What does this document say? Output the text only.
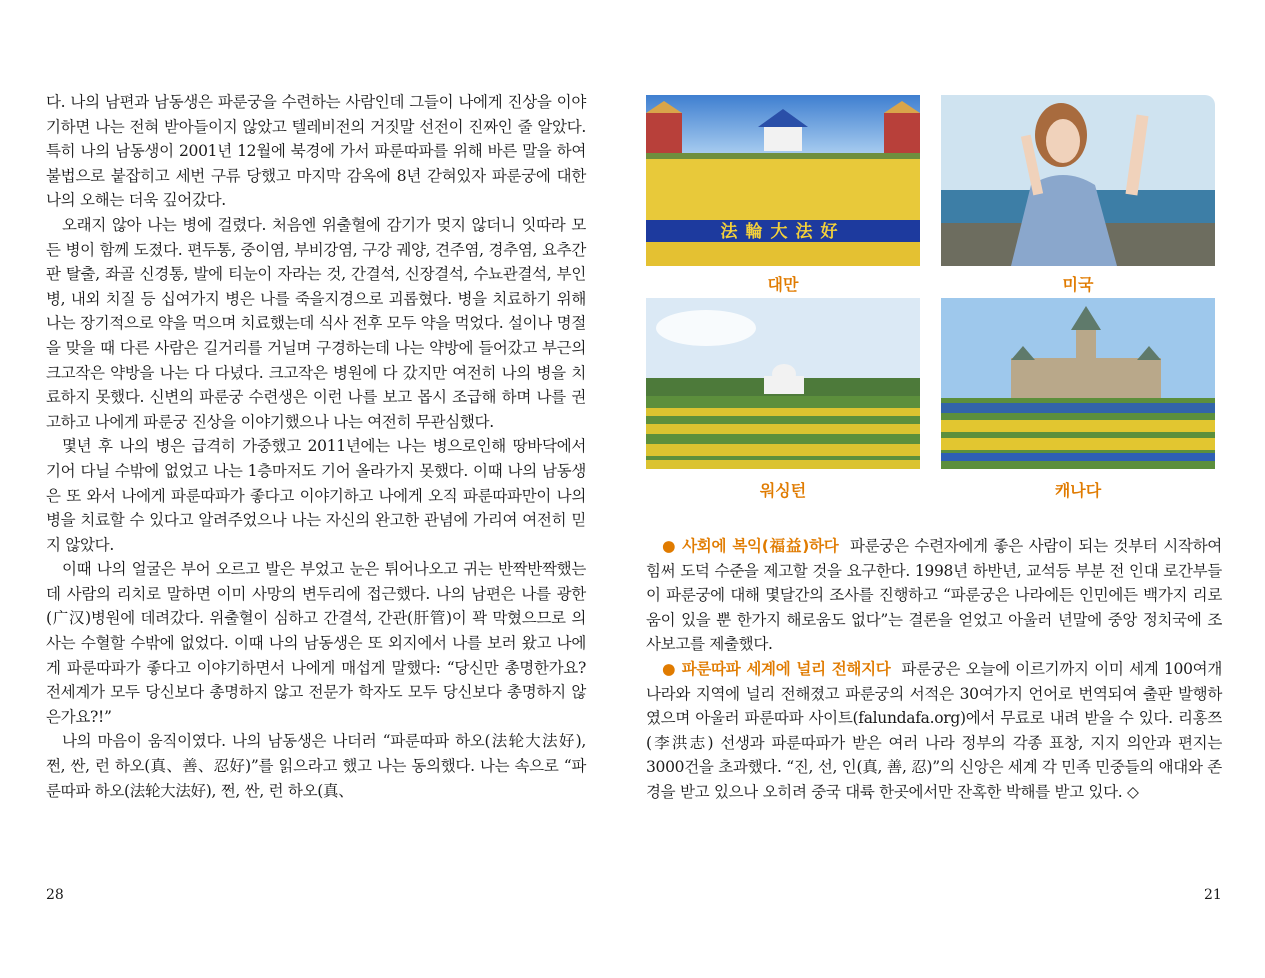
다. 나의 남편과 남동생은 파룬궁을 수련하는 사람인데 그들이 나에게 진상을 이야기하면 나는 전혀 받아들이지 않았고 텔레비전의 거짓말 선전이 진짜인 줄 알았다. 특히 나의 남동생이 2001년 12월에 북경에 가서 파룬따파를 위해 바른 말을 하여 불법으로 붙잡히고 세번 구류 당했고 마지막 감옥에 8년 갇혀있자 파룬궁에 대한 나의 오해는 더욱 깊어갔다.

오래지 않아 나는 병에 걸렸다. 처음엔 위출혈에 감기가 멎지 않더니 잇따라 모든 병이 함께 도졌다. 편두통, 중이염, 부비강염, 구강 궤양, 견주염, 경추염, 요추간판 탈출, 좌골 신경통, 발에 티눈이 자라는 것, 간결석, 신장결석, 수뇨관결석, 부인병, 내외 치질 등 십여가지 병은 나를 죽을지경으로 괴롭혔다. 병을 치료하기 위해 나는 장기적으로 약을 먹으며 치료했는데 식사 전후 모두 약을 먹었다. 설이나 명절을 맞을 때 다른 사람은 길거리를 거닐며 구경하는데 나는 약방에 들어갔고 부근의 크고작은 약방을 나는 다 다녔다. 크고작은 병원에 다 갔지만 여전히 나의 병을 치료하지 못했다. 신변의 파룬궁 수련생은 이런 나를 보고 몹시 조급해 하며 나를 권고하고 나에게 파룬궁 진상을 이야기했으나 나는 여전히 무관심했다.

몇년 후 나의 병은 급격히 가중했고 2011년에는 나는 병으로인해 땅바닥에서 기어 다닐 수밖에 없었고 나는 1층마저도 기어 올라가지 못했다. 이때 나의 남동생은 또 와서 나에게 파룬따파가 좋다고 이야기하고 나에게 오직 파룬따파만이 나의 병을 치료할 수 있다고 알려주었으나 나는 자신의 완고한 관념에 가리여 여전히 믿지 않았다.

이때 나의 얼굴은 부어 오르고 발은 부었고 눈은 튀어나오고 귀는 반짝반짝했는데 사람의 리치로 말하면 이미 사망의 변두리에 접근했다. 나의 남편은 나를 광한(广汉)병원에 데려갔다. 위출혈이 심하고 간결석, 간관(肝管)이 꽉 막혔으므로 의사는 수혈할 수밖에 없었다. 이때 나의 남동생은 또 외지에서 나를 보러 왔고 나에게 파룬따파가 좋다고 이야기하면서 나에게 매섭게 말했다: “당신만 총명한가요? 전세계가 모두 당신보다 총명하지 않고 전문가 학자도 모두 당신보다 총명하지 않은가요?!”

나의 마음이 움직이였다. 나의 남동생은 나더러 “파룬따파 하오(法轮大法好), 쩐, 싼, 런 하오(真、善、忍好)”를 읽으라고 했고 나는 동의했다. 나는 속으로 “파룬따파 하오(法轮大法好), 쩐, 싼, 런 하오(真、

28
法輪大法好
대만	미국
워싱턴	캐나다

● 사회에 복익(福益)하다 파룬궁은 수련자에게 좋은 사람이 되는 것부터 시작하여 힘써 도덕 수준을 제고할 것을 요구한다. 1998년 하반년, 교석등 부분 전 인대 로간부들이 파룬궁에 대해 몇달간의 조사를 진행하고 “파룬궁은 나라에든 인민에든 백가지 리로움이 있을 뿐 한가지 해로움도 없다”는 결론을 얻었고 아울러 년말에 중앙 정치국에 조사보고를 제출했다.

● 파룬따파 세계에 널리 전해지다 파룬궁은 오늘에 이르기까지 이미 세계 100여개 나라와 지역에 널리 전해졌고 파룬궁의 서적은 30여가지 언어로 번역되여 출판 발행하였으며 아울러 파룬따파 사이트(falundafa.org)에서 무료로 내려 받을 수 있다. 리홍쯔(李洪志) 선생과 파룬따파가 받은 여러 나라 정부의 각종 표창, 지지 의안과 편지는 3000건을 초과했다. “진, 선, 인(真, 善, 忍)”의 신앙은 세계 각 민족 민중들의 애대와 존경을 받고 있으나 오히려 중국 대륙 한곳에서만 잔혹한 박해를 받고 있다. ◇

21
